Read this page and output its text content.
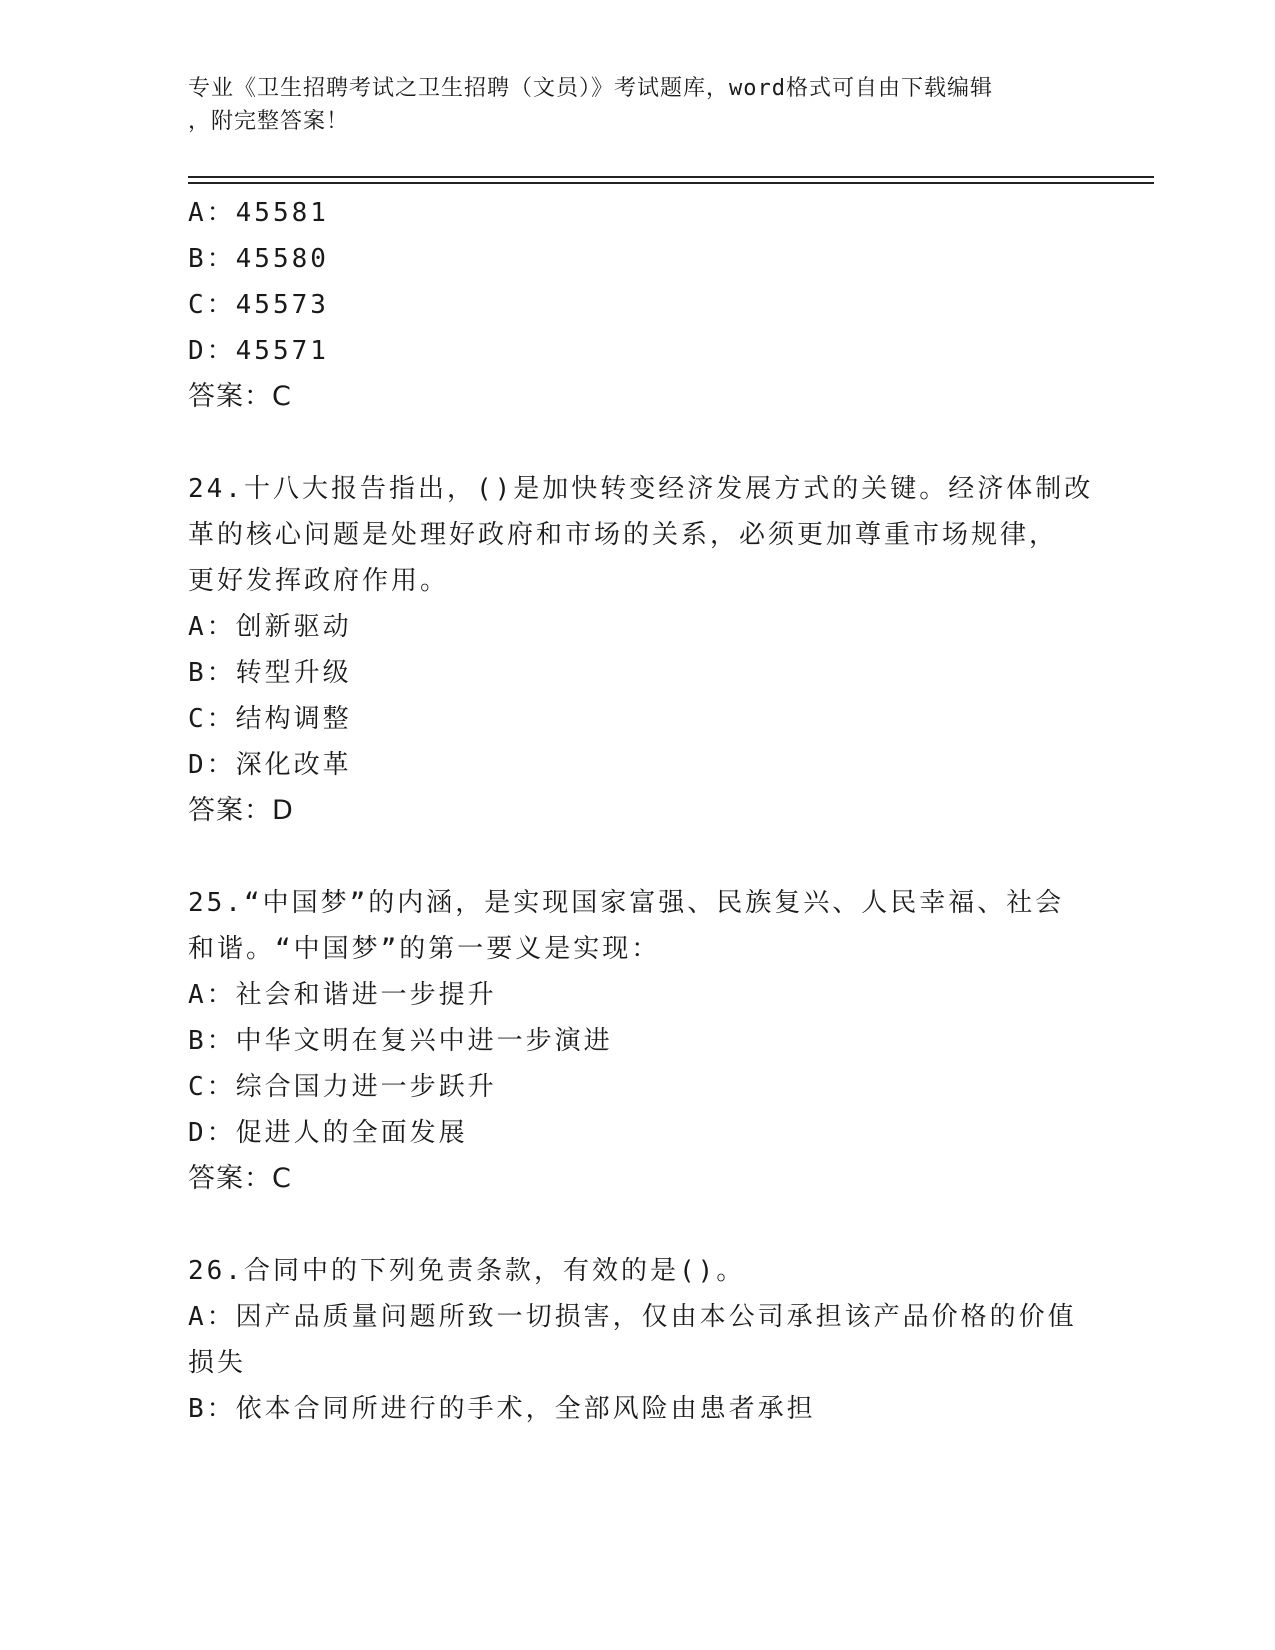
专业《卫生招聘考试之卫生招聘（文员）》考试题库，word格式可自由下载编辑
，附完整答案！
A：45581
B：45580
C：45573
D：45571
答案：C
24.十八大报告指出，()是加快转变经济发展方式的关键。经济体制改
革的核心问题是处理好政府和市场的关系，必须更加尊重市场规律，
更好发挥政府作用。
A：创新驱动
B：转型升级
C：结构调整
D：深化改革
答案：D
25.“中国梦”的内涵，是实现国家富强、民族复兴、人民幸福、社会
和谐。“中国梦”的第一要义是实现：
A：社会和谐进一步提升
B：中华文明在复兴中进一步演进
C：综合国力进一步跃升
D：促进人的全面发展
答案：C
26.合同中的下列免责条款，有效的是()。
A：因产品质量问题所致一切损害，仅由本公司承担该产品价格的价值
损失
B：依本合同所进行的手术，全部风险由患者承担
